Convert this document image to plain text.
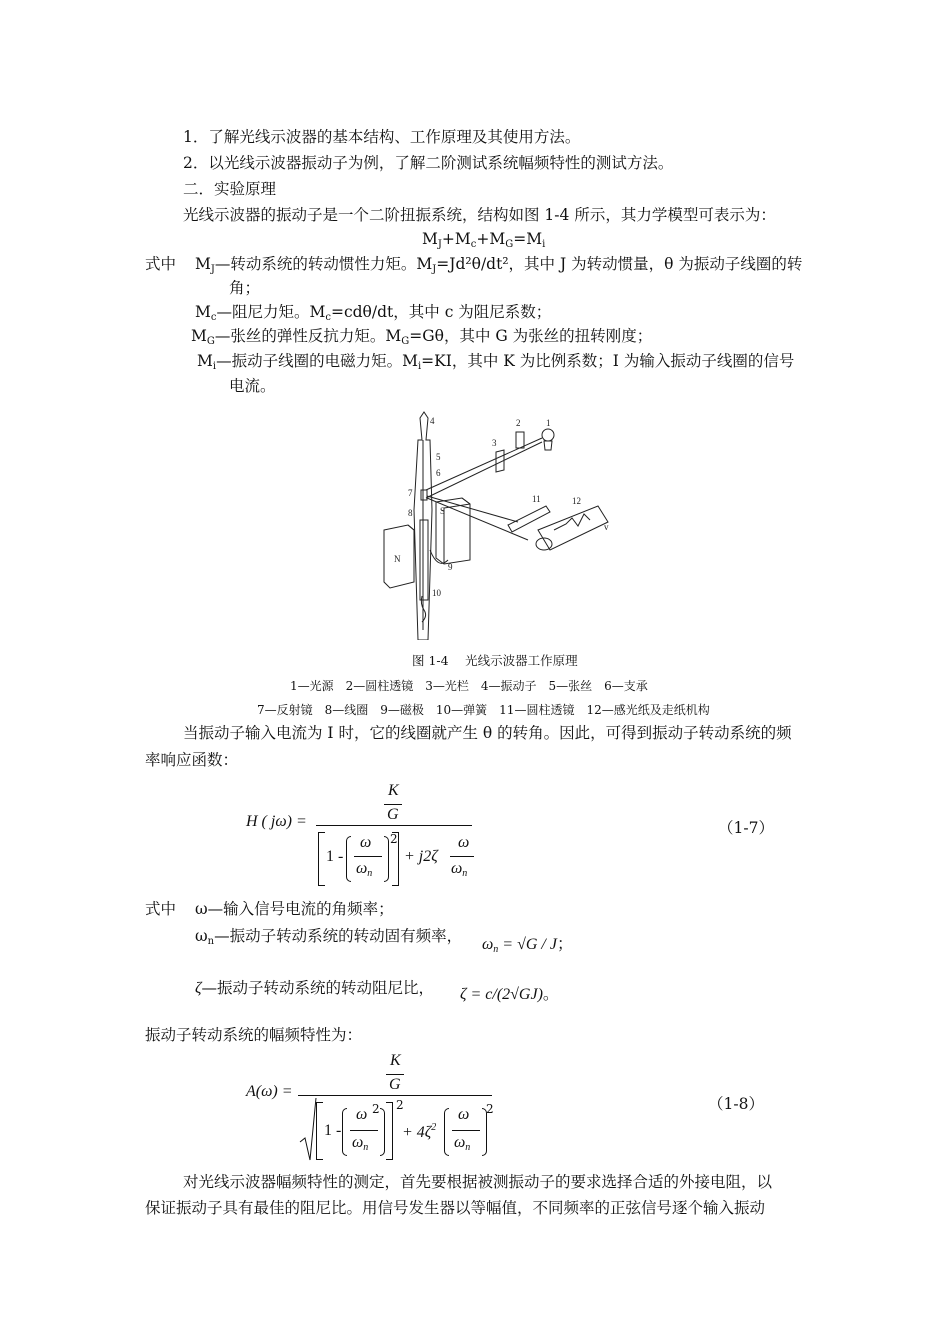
1．了解光线示波器的基本结构、工作原理及其使用方法。
2．以光线示波器振动子为例，了解二阶测试系统幅频特性的测试方法。
二．实验原理
光线示波器的振动子是一个二阶扭振系统，结构如图 1-4 所示，其力学模型可表示为：
$M_J+M_c+M_G=M_i$
式中 $M_J—$转动系统的转动惯性力矩。$M_J=Jd^2\theta$/dt²，其中 J 为转动惯量，θ 为振动子线圈的转
角；
$M_c—$阻尼力矩。$M_c=cd\theta/dt$，其中 c 为阻尼系数；
$M_G—$张丝的弹性反抗力矩。$M_G=G\theta$，其中 G 为张丝的扭转刚度；
$M_i—$振动子线圈的电磁力矩。$M_i=KI$，其中 K 为比例系数；I 为输入振动子线圈的信号
电流。
4	1
2
3
5
6
7
8
9
10
11	12
S
N
v
图 1-4　 光线示波器工作原理
1—光源　2—圆柱透镜　3—光栏　4—振动子　5—张丝　6—支承
7—反射镜　8—线圈　9—磁极　10—弹簧　11—圆柱透镜　12—感光纸及走纸机构
当振动子输入电流为 I 时，它的线圈就产生 θ 的转角。因此，可得到振动子转动系统的频
率响应函数：
H ( jω) =
K
G
1 -
ω
$\omega_n$
2
+ j2ζ
ω
$\omega_n$
（1-7）
式中 ω—输入信号电流的角频率；
$\omega_n—$振动子转动系统的转动固有频率， $\omega_n = √G / J$；
ζ—振动子转动系统的转动阻尼比， ζ = c/(2√GJ)。
振动子转动系统的幅频特性为：
A(ω) =
K
G
1 -
ω
$\omega_n$
2 2
+ $4\zeta^2$
ω
$\omega_n$
2	（1-8）
对光线示波器幅频特性的测定，首先要根据被测振动子的要求选择合适的外接电阻，以
保证振动子具有最佳的阻尼比。用信号发生器以等幅值，不同频率的正弦信号逐个输入振动
